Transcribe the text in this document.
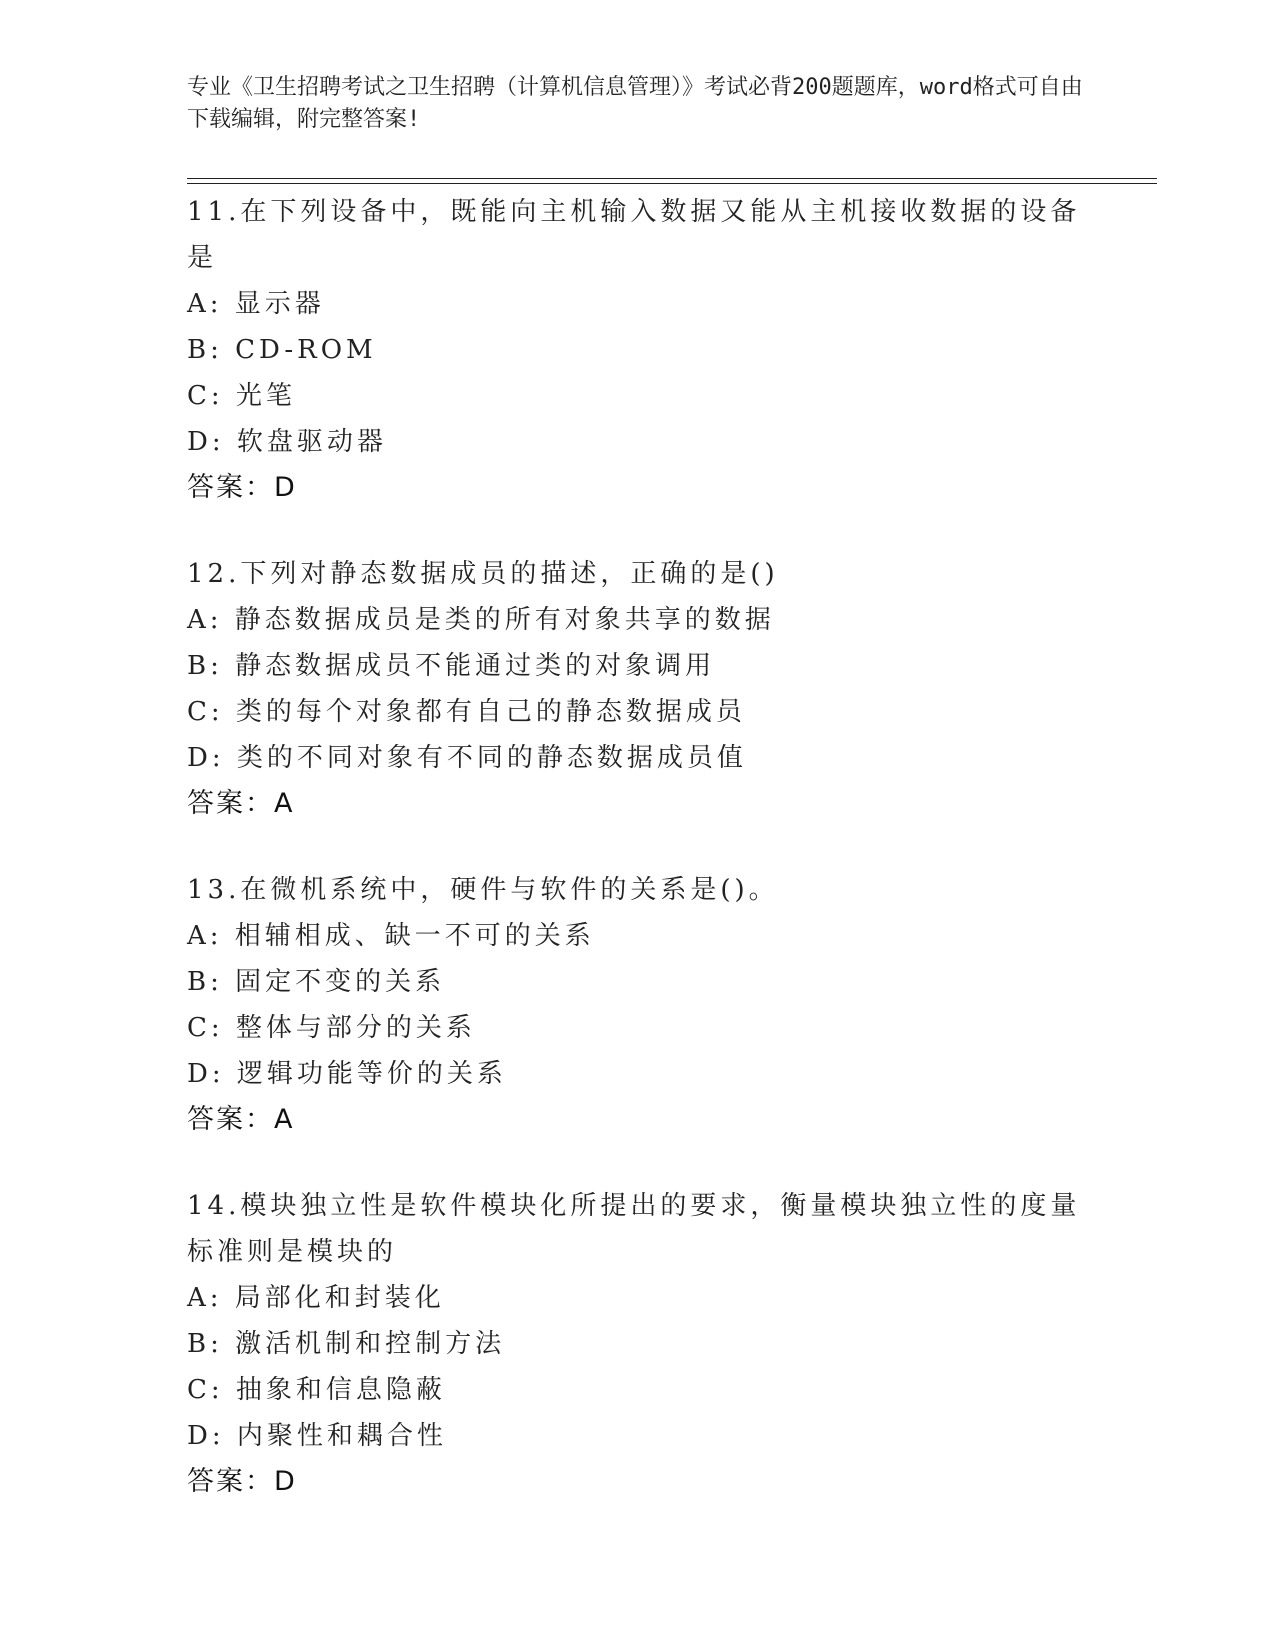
专业《卫生招聘考试之卫生招聘（计算机信息管理）》考试必背200题题库，word格式可自由下载编辑，附完整答案!
11.在下列设备中，既能向主机输入数据又能从主机接收数据的设备是
A: 显示器
B: CD-ROM
C: 光笔
D: 软盘驱动器
答案：D
12.下列对静态数据成员的描述，正确的是()
A: 静态数据成员是类的所有对象共享的数据
B: 静态数据成员不能通过类的对象调用
C: 类的每个对象都有自己的静态数据成员
D: 类的不同对象有不同的静态数据成员值
答案：A
13.在微机系统中，硬件与软件的关系是()。
A: 相辅相成、缺一不可的关系
B: 固定不变的关系
C: 整体与部分的关系
D: 逻辑功能等价的关系
答案：A
14.模块独立性是软件模块化所提出的要求，衡量模块独立性的度量标准则是模块的
A: 局部化和封装化
B: 激活机制和控制方法
C: 抽象和信息隐蔽
D: 内聚性和耦合性
答案：D
